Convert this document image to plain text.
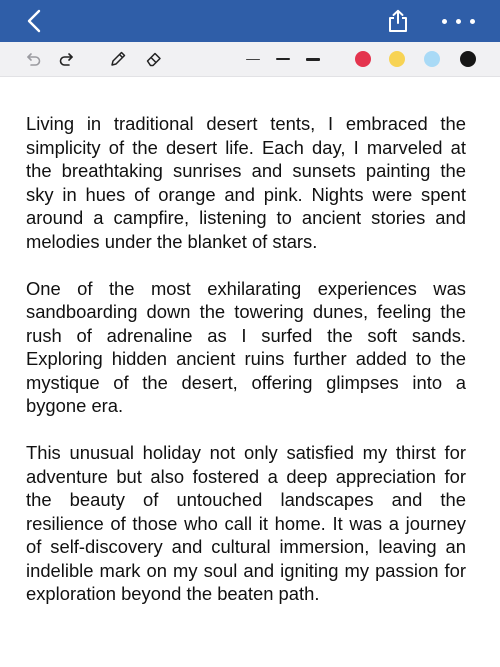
Living in traditional desert tents, I embraced the simplicity of the desert life. Each day, I marveled at the breathtaking sunrises and sunsets painting the sky in hues of orange and pink. Nights were spent around a campfire, listening to ancient stories and melodies under the blanket of stars.

One of the most exhilarating experiences was sandboarding down the towering dunes, feeling the rush of adrenaline as I surfed the soft sands. Exploring hidden ancient ruins further added to the mystique of the desert, offering glimpses into a bygone era.

This unusual holiday not only satisfied my thirst for adventure but also fostered a deep appreciation for the beauty of untouched landscapes and the resilience of those who call it home. It was a journey of self-discovery and cultural immersion, leaving an indelible mark on my soul and igniting my passion for exploration beyond the beaten path.
